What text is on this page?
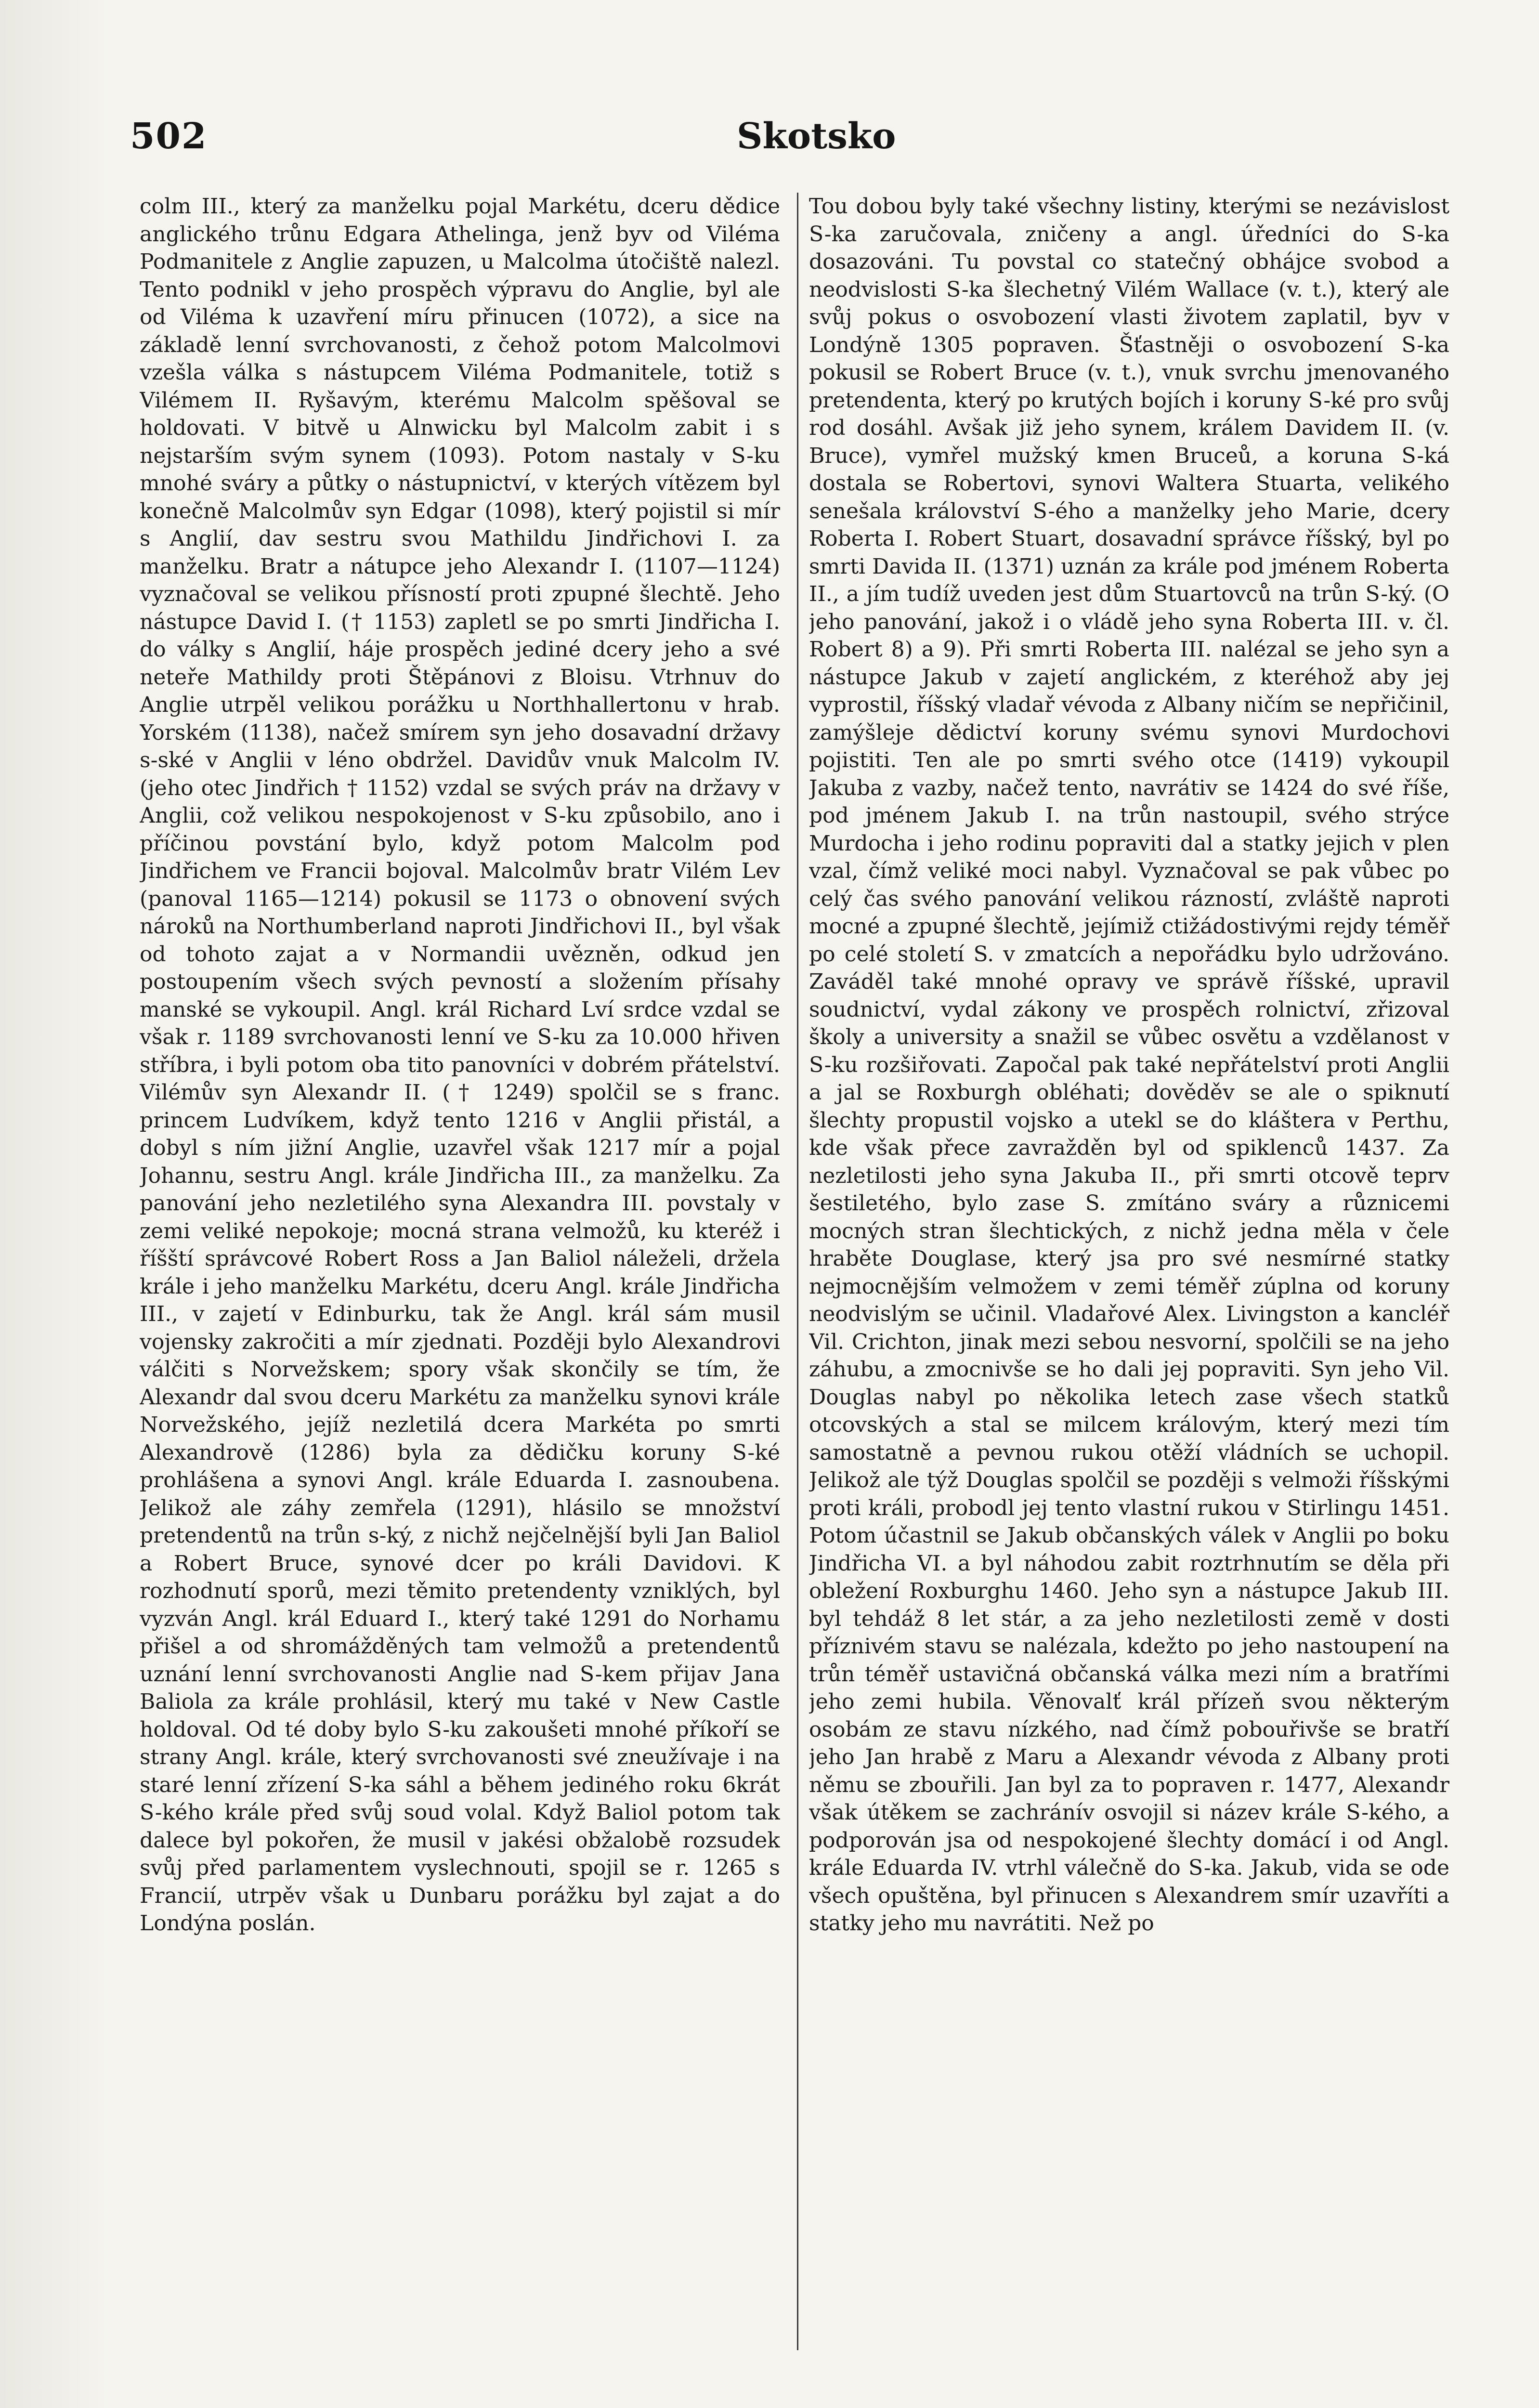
502	Skotsko

colm III., který za manželku pojal Markétu, dceru dědice anglického trůnu Edgara Athelinga, jenž byv od Viléma Podmanitele z Anglie zapuzen, u Malcolma útočiště nalezl. Tento podnikl v jeho prospěch výpravu do Anglie, byl ale od Viléma k uzavření míru přinucen (1072), a sice na základě lenní svrchovanosti, z čehož potom Malcolmovi vzešla válka s nástupcem Viléma Podmanitele, totiž s Vilémem II. Ryšavým, kterému Malcolm spěšoval se holdovati. V bitvě u Alnwicku byl Malcolm zabit i s nejstarším svým synem (1093). Potom nastaly v S-ku mnohé sváry a půtky o nástupnictví, v kterých vítězem byl konečně Malcolmův syn Edgar (1098), který pojistil si mír s Anglií, dav sestru svou Mathildu Jindřichovi I. za manželku. Bratr a nátupce jeho Alexandr I. (1107—1124) vyznačoval se velikou přísností proti zpupné šlechtě. Jeho nástupce David I. († 1153) zapletl se po smrti Jindřicha I. do války s Anglií, háje prospěch jediné dcery jeho a své neteře Mathildy proti Štěpánovi z Bloisu. Vtrhnuv do Anglie utrpěl velikou porážku u Northhallertonu v hrab. Yorském (1138), načež smírem syn jeho dosavadní državy s-ské v Anglii v léno obdržel. Davidův vnuk Malcolm IV. (jeho otec Jindřich † 1152) vzdal se svých práv na državy v Anglii, což velikou nespokojenost v S-ku způsobilo, ano i příčinou povstání bylo, když potom Malcolm pod Jindřichem ve Francii bojoval. Malcolmův bratr Vilém Lev (panoval 1165—1214) pokusil se 1173 o obnovení svých nároků na Northumberland naproti Jindřichovi II., byl však od tohoto zajat a v Normandii uvězněn, odkud jen postoupením všech svých pevností a složením přísahy manské se vykoupil. Angl. král Richard Lví srdce vzdal se však r. 1189 svrchovanosti lenní ve S-ku za 10.000 hřiven stříbra, i byli potom oba tito panovníci v dobrém přátelství. Vilémův syn Alexandr II. († 1249) spolčil se s franc. princem Ludvíkem, když tento 1216 v Anglii přistál, a dobyl s ním jižní Anglie, uzavřel však 1217 mír a pojal Johannu, sestru Angl. krále Jindřicha III., za manželku. Za panování jeho nezletilého syna Alexandra III. povstaly v zemi veliké nepokoje; mocná strana velmožů, ku kteréž i říšští správcové Robert Ross a Jan Baliol náleželi, držela krále i jeho manželku Markétu, dceru Angl. krále Jindřicha III., v zajetí v Edinburku, tak že Angl. král sám musil vojensky zakročiti a mír zjednati. Později bylo Alexandrovi válčiti s Norvežskem; spory však skončily se tím, že Alexandr dal svou dceru Markétu za manželku synovi krále Norvežského, jejíž nezletilá dcera Markéta po smrti Alexandrově (1286) byla za dědičku koruny S-ké prohlášena a synovi Angl. krále Eduarda I. zasnoubena. Jelikož ale záhy zemřela (1291), hlásilo se množství pretendentů na trůn s-ký, z nichž nejčelnější byli Jan Baliol a Robert Bruce, synové dcer po králi Davidovi. K rozhodnutí sporů, mezi těmito pretendenty vzniklých, byl vyzván Angl. král Eduard I., který také 1291 do Norhamu přišel a od shromážděných tam velmožů a pretendentů uznání lenní svrchovanosti Anglie nad S-kem přijav Jana Baliola za krále prohlásil, který mu také v New Castle holdoval. Od té doby bylo S-ku zakoušeti mnohé příkoří se strany Angl. krále, který svrchovanosti své zneužívaje i na staré lenní zřízení S-ka sáhl a během jediného roku 6krát S-kého krále před svůj soud volal. Když Baliol potom tak dalece byl pokořen, že musil v jakési obžalobě rozsudek svůj před parlamentem vyslechnouti, spojil se r. 1265 s Francií, utrpěv však u Dunbaru porážku byl zajat a do Londýna poslán.

Tou dobou byly také všechny listiny, kterými se nezávislost S-ka zaručovala, zničeny a angl. úředníci do S-ka dosazováni. Tu povstal co statečný obhájce svobod a neodvislosti S-ka šlechetný Vilém Wallace (v. t.), který ale svůj pokus o osvobození vlasti životem zaplatil, byv v Londýně 1305 popraven. Šťastněji o osvobození S-ka pokusil se Robert Bruce (v. t.), vnuk svrchu jmenovaného pretendenta, který po krutých bojích i koruny S-ké pro svůj rod dosáhl. Avšak již jeho synem, králem Davidem II. (v. Bruce), vymřel mužský kmen Bruceů, a koruna S-ká dostala se Robertovi, synovi Waltera Stuarta, velikého senešala království S-ého a manželky jeho Marie, dcery Roberta I. Robert Stuart, dosavadní správce říšský, byl po smrti Davida II. (1371) uznán za krále pod jménem Roberta II., a jím tudíž uveden jest dům Stuartovců na trůn S-ký. (O jeho panování, jakož i o vládě jeho syna Roberta III. v. čl. Robert 8) a 9). Při smrti Roberta III. nalézal se jeho syn a nástupce Jakub v zajetí anglickém, z kteréhož aby jej vyprostil, říšský vladař vévoda z Albany ničím se nepřičinil, zamýšleje dědictví koruny svému synovi Murdochovi pojistiti. Ten ale po smrti svého otce (1419) vykoupil Jakuba z vazby, načež tento, navrátiv se 1424 do své říše, pod jménem Jakub I. na trůn nastoupil, svého strýce Murdocha i jeho rodinu popraviti dal a statky jejich v plen vzal, čímž veliké moci nabyl. Vyznačoval se pak vůbec po celý čas svého panování velikou rázností, zvláště naproti mocné a zpupné šlechtě, jejímiž ctižádostivými rejdy téměř po celé století S. v zmatcích a nepořádku bylo udržováno. Zaváděl také mnohé opravy ve správě říšské, upravil soudnictví, vydal zákony ve prospěch rolnictví, zřizoval školy a university a snažil se vůbec osvětu a vzdělanost v S-ku rozšiřovati. Započal pak také nepřátelství proti Anglii a jal se Roxburgh obléhati; dověděv se ale o spiknutí šlechty propustil vojsko a utekl se do kláštera v Perthu, kde však přece zavražděn byl od spiklenců 1437. Za nezletilosti jeho syna Jakuba II., při smrti otcově teprv šestiletého, bylo zase S. zmítáno sváry a různicemi mocných stran šlechtických, z nichž jedna měla v čele hraběte Douglase, který jsa pro své nesmírné statky nejmocnějším velmožem v zemi téměř zúplna od koruny neodvislým se učinil. Vladařové Alex. Livingston a kancléř Vil. Crichton, jinak mezi sebou nesvorní, spolčili se na jeho záhubu, a zmocnivše se ho dali jej popraviti. Syn jeho Vil. Douglas nabyl po několika letech zase všech statků otcovských a stal se milcem královým, který mezi tím samostatně a pevnou rukou otěží vládních se uchopil. Jelikož ale týž Douglas spolčil se později s velmoži říšskými proti králi, probodl jej tento vlastní rukou v Stirlingu 1451. Potom účastnil se Jakub občanských válek v Anglii po boku Jindřicha VI. a byl náhodou zabit roztrhnutím se děla při obležení Roxburghu 1460. Jeho syn a nástupce Jakub III. byl tehdáž 8 let stár, a za jeho nezletilosti země v dosti příznivém stavu se nalézala, kdežto po jeho nastoupení na trůn téměř ustavičná občanská válka mezi ním a bratřími jeho zemi hubila. Věnovalť král přízeň svou některým osobám ze stavu nízkého, nad čímž pobouřivše se bratří jeho Jan hrabě z Maru a Alexandr vévoda z Albany proti němu se zbouřili. Jan byl za to popraven r. 1477, Alexandr však útěkem se zachránív osvojil si název krále S-kého, a podporován jsa od nespokojené šlechty domácí i od Angl. krále Eduarda IV. vtrhl válečně do S-ka. Jakub, vida se ode všech opuštěna, byl přinucen s Alexandrem smír uzavříti a statky jeho mu navrátiti. Než po
